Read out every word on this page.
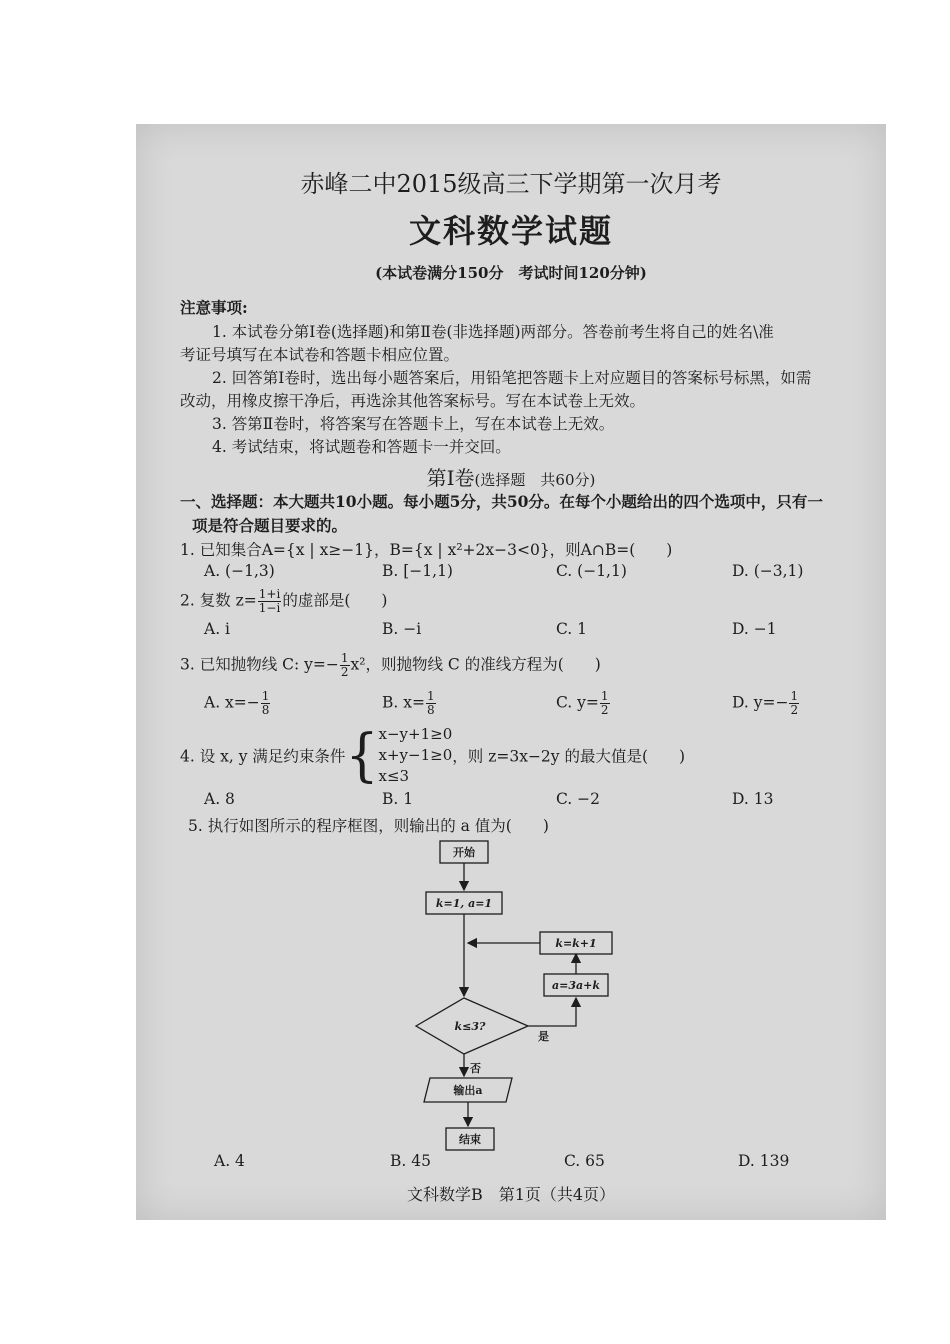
赤峰二中2015级高三下学期第一次月考
文科数学试题
(本试卷满分150分　考试时间120分钟)
注意事项:
1. 本试卷分第Ⅰ卷(选择题)和第Ⅱ卷(非选择题)两部分。答卷前考生将自己的姓名\准
考证号填写在本试卷和答题卡相应位置。
2. 回答第Ⅰ卷时，选出每小题答案后，用铅笔把答题卡上对应题目的答案标号标黑，如需
改动，用橡皮擦干净后，再选涂其他答案标号。写在本试卷上无效。
3. 答第Ⅱ卷时，将答案写在答题卡上，写在本试卷上无效。
4. 考试结束，将试题卷和答题卡一并交回。
第Ⅰ卷(选择题　共60分)
一、选择题：本大题共10小题。每小题5分，共50分。在每个小题给出的四个选项中，只有一
项是符合题目要求的。
1. 已知集合A={x | x≥−1}，B={x | x²+2x−3<0}，则A∩B=(　　)
A. (−1,3)	B. [−1,1)	C. (−1,1)	D. (−3,1)
2. 复数 $z= \frac{1+i}{1-i}$ 的虚部是(　　)
A. i	B. −i	C. 1	D. −1
3. 已知抛物线 C: $y=- \frac{1}{2} x^2$，则抛物线 C 的准线方程为(　　)
A. $x=- \frac{1}{8}$	B. $x= \frac{1}{8}$	C. $y= \frac{1}{2}$	D. $y=- \frac{1}{2}$
4. 设 x, y 满足约束条件{ x−y+1≥0
x+y−1≥0
x≤3
，则 z=3x−2y 的最大值是(　　)
A. 8	B. 1	C. −2	D. 13
5. 执行如图所示的程序框图，则输出的 a 值为(　　)
开始
k=1, a=1
k≤3?
a=3a+k
k=k+1
是
否
输出a
结束
A. 4	B. 45	C. 65	D. 139
文科数学B　第1页（共4页）
